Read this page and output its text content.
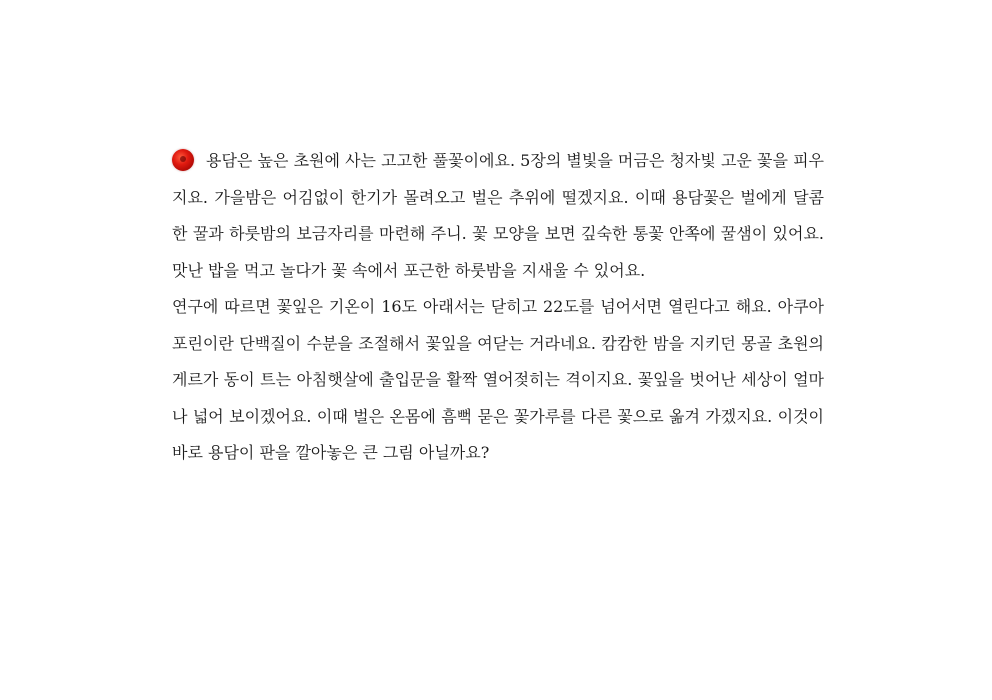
용담은 높은 초원에 사는 고고한 풀꽃이에요. 5장의 별빛을 머금은 청자빛 고운 꽃을 피우지요. 가을밤은 어김없이 한기가 몰려오고 벌은 추위에 떨겠지요. 이때 용담꽃은 벌에게 달콤한 꿀과 하룻밤의 보금자리를 마련해 주니. 꽃 모양을 보면 깊숙한 통꽃 안쪽에 꿀샘이 있어요. 맛난 밥을 먹고 놀다가 꽃 속에서 포근한 하룻밤을 지새울 수 있어요.

연구에 따르면 꽃잎은 기온이 16도 아래서는 닫히고 22도를 넘어서면 열린다고 해요. 아쿠아포린이란 단백질이 수분을 조절해서 꽃잎을 여닫는 거라네요. 캄캄한 밤을 지키던 몽골 초원의 게르가 동이 트는 아침햇살에 출입문을 활짝 열어젖히는 격이지요. 꽃잎을 벗어난 세상이 얼마나 넓어 보이겠어요. 이때 벌은 온몸에 흠뻑 묻은 꽃가루를 다른 꽃으로 옮겨 가겠지요. 이것이 바로 용담이 판을 깔아놓은 큰 그림 아닐까요?
